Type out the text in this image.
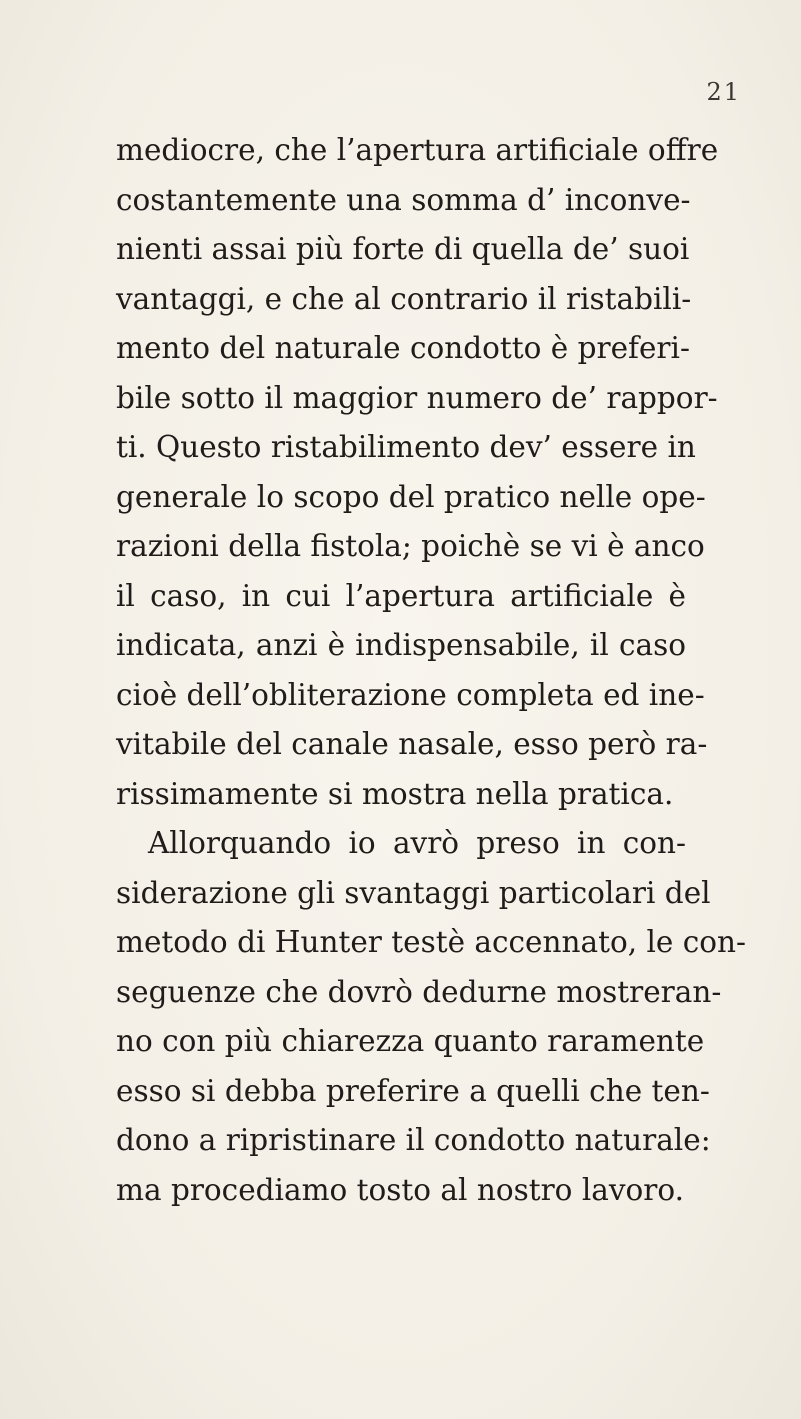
21
mediocre, che l’apertura artificiale offre
costantemente una somma d’ inconve-
nienti assai più forte di quella de’ suoi
vantaggi, e che al contrario il ristabili-
mento del naturale condotto è preferi-
bile sotto il maggior numero de’ rappor-
ti. Questo ristabilimento dev’ essere in
generale lo scopo del pratico nelle ope-
razioni della fistola; poichè se vi è anco
il caso, in cui l’apertura artificiale è
indicata, anzi è indispensabile, il caso
cioè dell’obliterazione completa ed ine-
vitabile del canale nasale, esso però ra-
rissimamente si mostra nella pratica.
Allorquando io avrò preso in con-
siderazione gli svantaggi particolari del
metodo di Hunter testè accennato, le con-
seguenze che dovrò dedurne mostreran-
no con più chiarezza quanto raramente
esso si debba preferire a quelli che ten-
dono a ripristinare il condotto naturale:
ma procediamo tosto al nostro lavoro.
